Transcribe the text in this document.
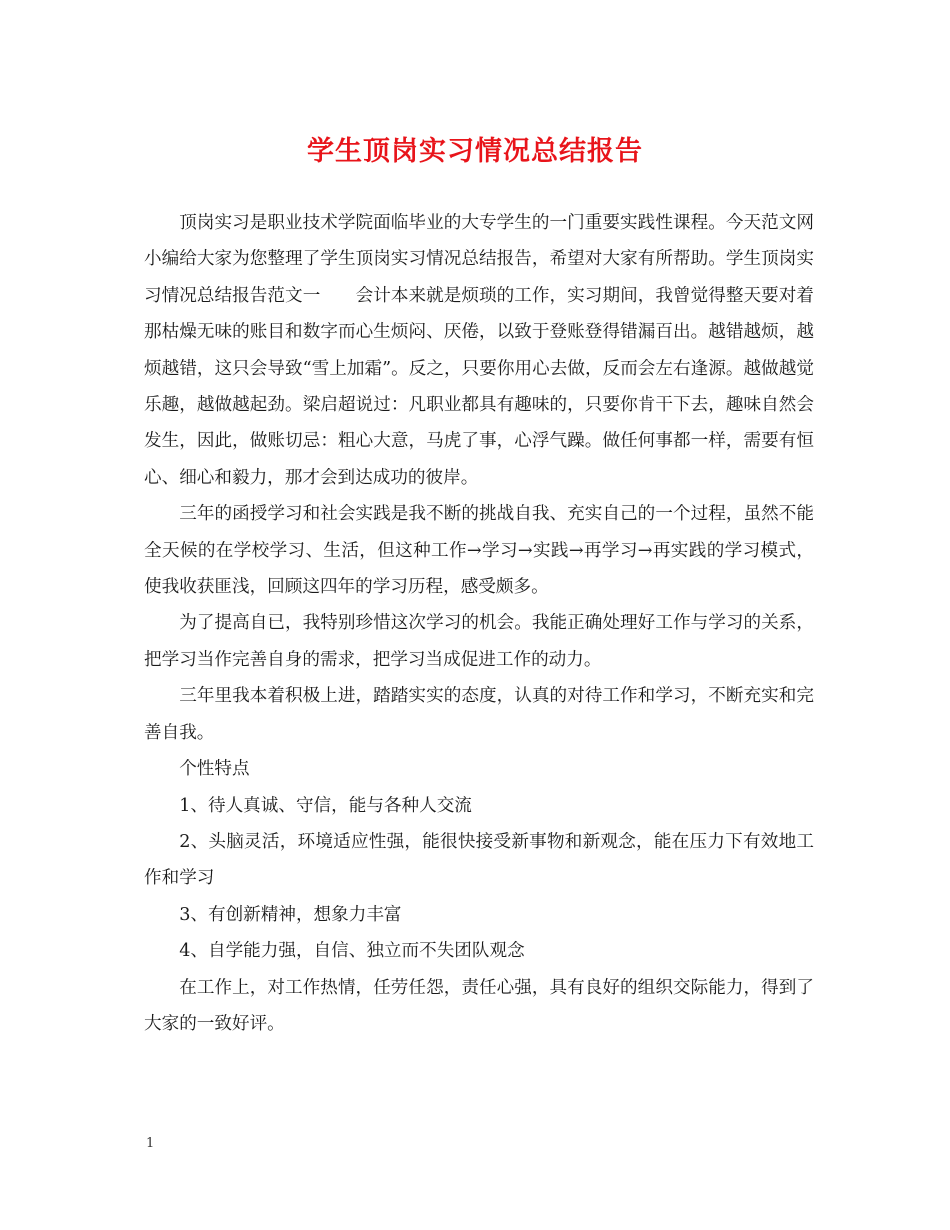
学生顶岗实习情况总结报告

顶岗实习是职业技术学院面临毕业的大专学生的一门重要实践性课程。今天范文网小编给大家为您整理了学生顶岗实习情况总结报告，希望对大家有所帮助。学生顶岗实习情况总结报告范文一　　会计本来就是烦琐的工作，实习期间，我曾觉得整天要对着那枯燥无味的账目和数字而心生烦闷、厌倦，以致于登账登得错漏百出。越错越烦，越烦越错，这只会导致“雪上加霜”。反之，只要你用心去做，反而会左右逢源。越做越觉乐趣，越做越起劲。梁启超说过：凡职业都具有趣味的，只要你肯干下去，趣味自然会发生，因此，做账切忌：粗心大意，马虎了事，心浮气躁。做任何事都一样，需要有恒心、细心和毅力，那才会到达成功的彼岸。

三年的函授学习和社会实践是我不断的挑战自我、充实自己的一个过程，虽然不能全天候的在学校学习、生活，但这种工作→学习→实践→再学习→再实践的学习模式，使我收获匪浅，回顾这四年的学习历程，感受颇多。

为了提高自已，我特别珍惜这次学习的机会。我能正确处理好工作与学习的关系，把学习当作完善自身的需求，把学习当成促进工作的动力。

三年里我本着积极上进，踏踏实实的态度，认真的对待工作和学习，不断充实和完善自我。

个性特点

1、待人真诚、守信，能与各种人交流

2、头脑灵活，环境适应性强，能很快接受新事物和新观念，能在压力下有效地工作和学习

3、有创新精神，想象力丰富

4、自学能力强，自信、独立而不失团队观念

在工作上，对工作热情，任劳任怨，责任心强，具有良好的组织交际能力，得到了大家的一致好评。

1
